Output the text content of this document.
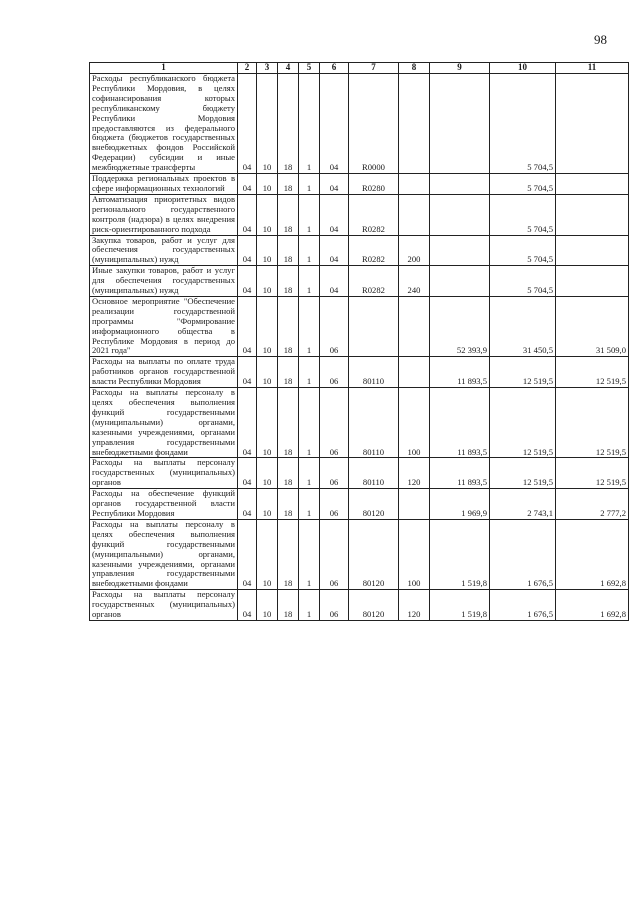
98
1	2	3	4	5	6	7	8	9	10	11
Расходы республиканского бюджета Республики Мордовия, в целях софинансирования которых республиканскому бюджету Республики Мордовия предоставляются из федерального бюджета (бюджетов государственных внебюджетных фондов Российской Федерации) субсидии и иные межбюджетные трансферты	04	10	18	1	04	R0000			5 704,5	
Поддержка региональных проектов в сфере информационных технологий	04	10	18	1	04	R0280			5 704,5	
Автоматизация приоритетных видов регионального государственного контроля (надзора) в целях внедрения риск-ориентированного подхода	04	10	18	1	04	R0282			5 704,5	
Закупка товаров, работ и услуг для обеспечения государственных (муниципальных) нужд	04	10	18	1	04	R0282	200		5 704,5	
Иные закупки товаров, работ и услуг для обеспечения государственных (муниципальных) нужд	04	10	18	1	04	R0282	240		5 704,5	
Основное мероприятие "Обеспечение реализации государственной программы "Формирование информационного общества в Республике Мордовия в период до 2021 года"	04	10	18	1	06			52 393,9	31 450,5	31 509,0
Расходы на выплаты по оплате труда работников органов государственной власти Республики Мордовия	04	10	18	1	06	80110		11 893,5	12 519,5	12 519,5
Расходы на выплаты персоналу в целях обеспечения выполнения функций государственными (муниципальными) органами, казенными учреждениями, органами управления государственными внебюджетными фондами	04	10	18	1	06	80110	100	11 893,5	12 519,5	12 519,5
Расходы на выплаты персоналу государственных (муниципальных) органов	04	10	18	1	06	80110	120	11 893,5	12 519,5	12 519,5
Расходы на обеспечение функций органов государственной власти Республики Мордовия	04	10	18	1	06	80120		1 969,9	2 743,1	2 777,2
Расходы на выплаты персоналу в целях обеспечения выполнения функций государственными (муниципальными) органами, казенными учреждениями, органами управления государственными внебюджетными фондами	04	10	18	1	06	80120	100	1 519,8	1 676,5	1 692,8
Расходы на выплаты персоналу государственных (муниципальных) органов	04	10	18	1	06	80120	120	1 519,8	1 676,5	1 692,8
